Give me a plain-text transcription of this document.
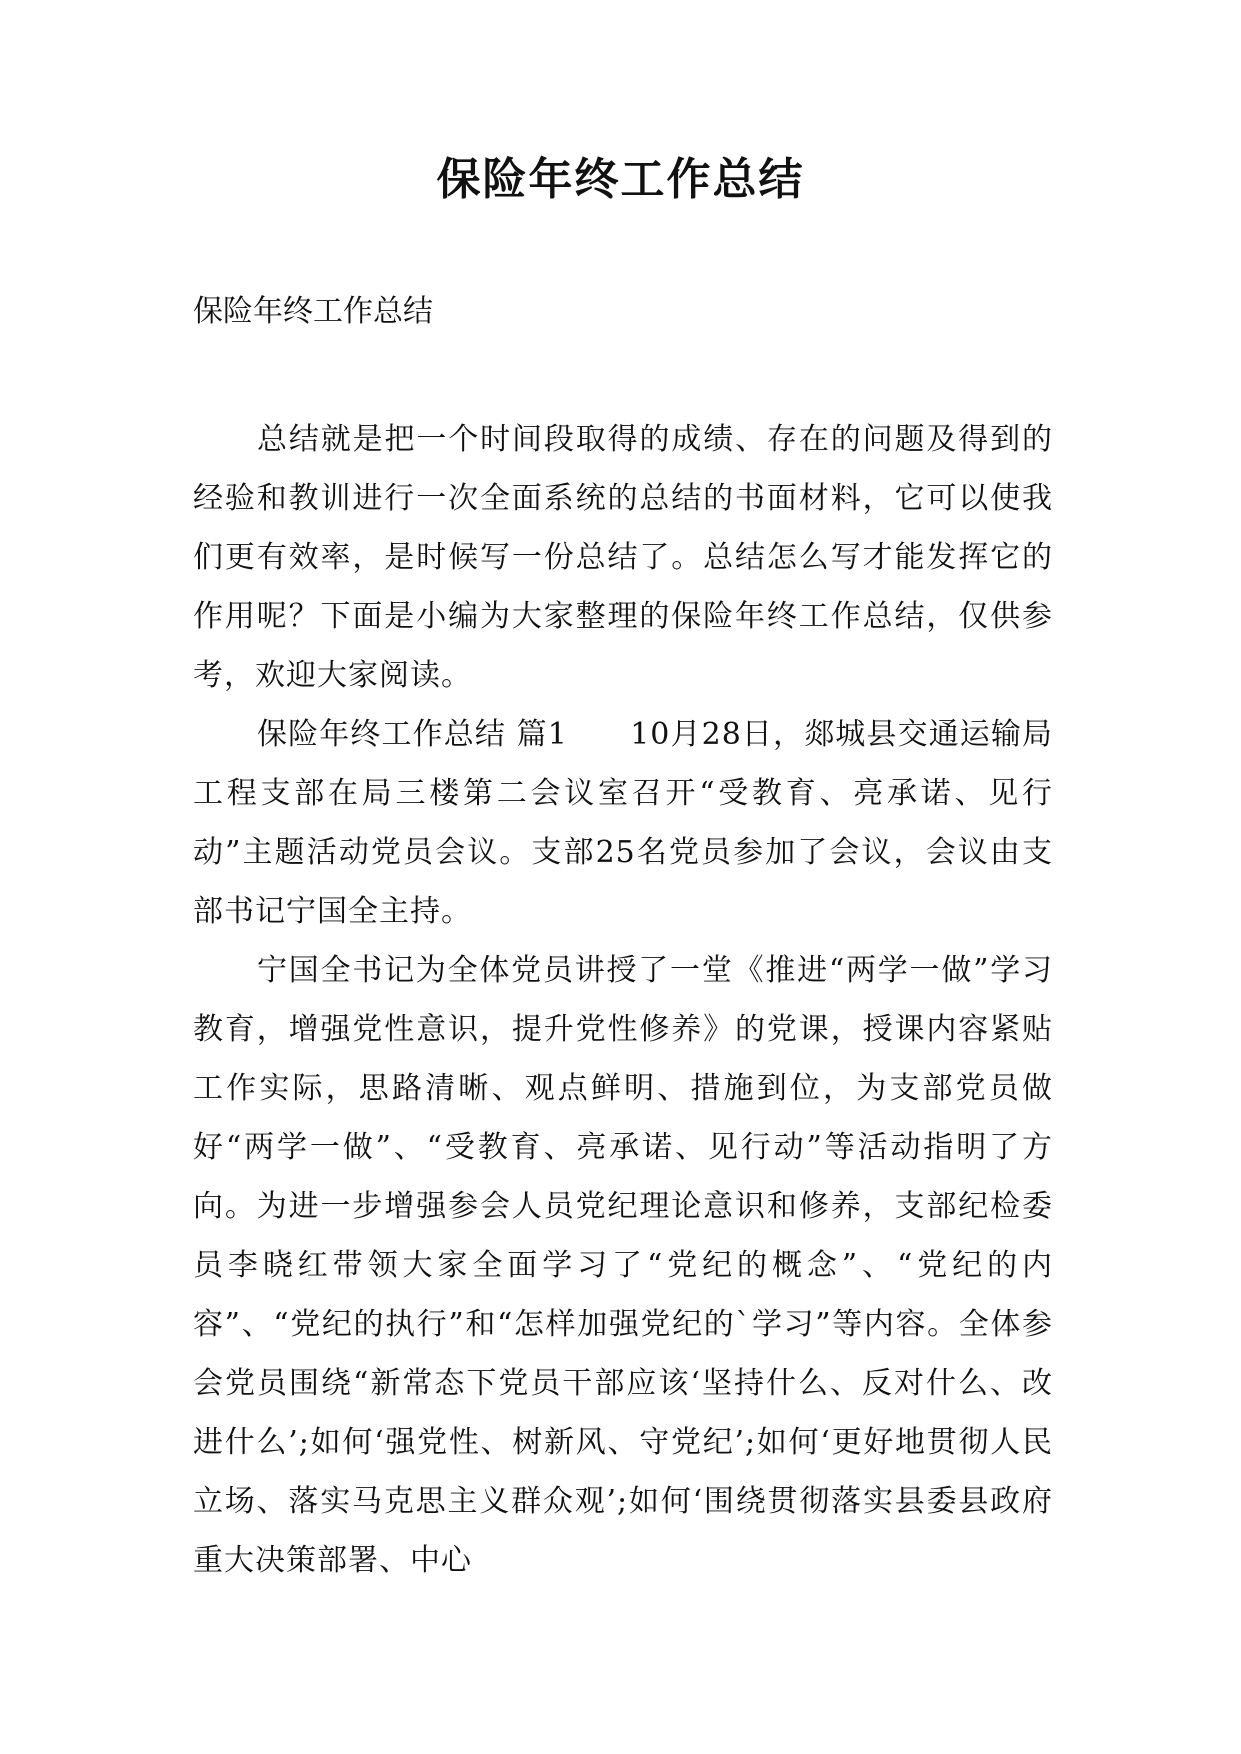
保险年终工作总结
保险年终工作总结

总结就是把一个时间段取得的成绩、存在的问题及得到的经验和教训进行一次全面系统的总结的书面材料，它可以使我们更有效率，是时候写一份总结了。总结怎么写才能发挥它的作用呢？下面是小编为大家整理的保险年终工作总结，仅供参考，欢迎大家阅读。

保险年终工作总结 篇1　　10月28日，郯城县交通运输局工程支部在局三楼第二会议室召开“受教育、亮承诺、见行动”主题活动党员会议。支部25名党员参加了会议，会议由支部书记宁国全主持。

宁国全书记为全体党员讲授了一堂《推进“两学一做”学习教育，增强党性意识，提升党性修养》的党课，授课内容紧贴工作实际，思路清晰、观点鲜明、措施到位，为支部党员做好“两学一做”、“受教育、亮承诺、见行动”等活动指明了方向。为进一步增强参会人员党纪理论意识和修养，支部纪检委员李晓红带领大家全面学习了“党纪的概念”、“党纪的内容”、“党纪的执行”和“怎样加强党纪的`学习”等内容。全体参会党员围绕“新常态下党员干部应该‘坚持什么、反对什么、改进什么’;如何‘强党性、树新风、守党纪’;如何‘更好地贯彻人民立场、落实马克思主义群众观’;如何‘围绕贯彻落实县委县政府重大决策部署、中心
